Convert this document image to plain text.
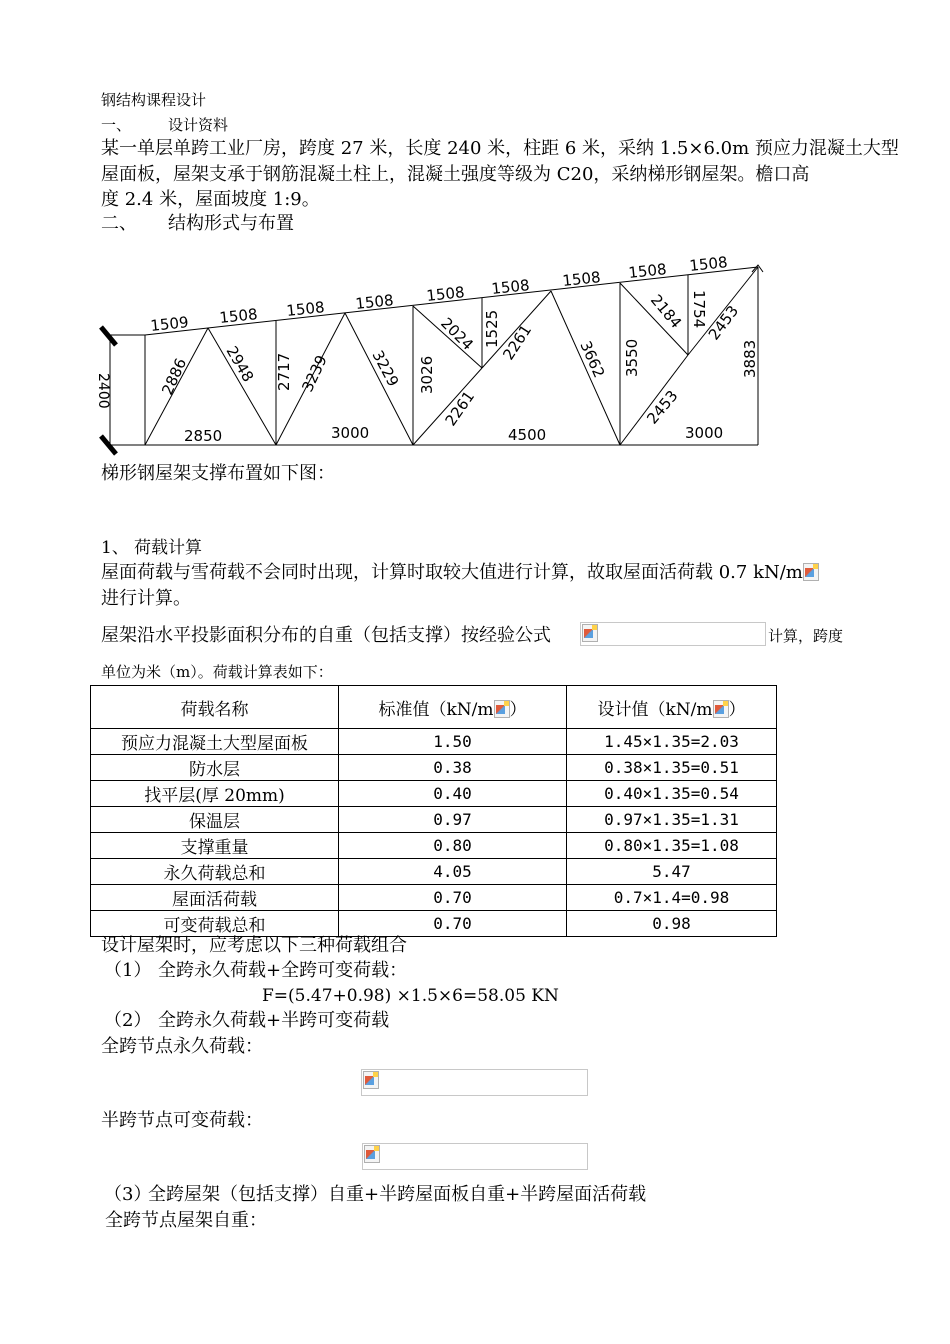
钢结构课程设计
一、 设计资料
某一单层单跨工业厂房，跨度 27 米，长度 240 米，柱距 6 米，采纳 1.5×6.0m 预应力混凝土大型
屋面板，屋架支承于钢筋混凝土柱上，混凝土强度等级为 C20，采纳梯形钢屋架。檐口高
度 2.4 米，屋面坡度 1:9。
二、 结构形式与布置
2400
1509 1508 1508 1508 1508 1508 1508 1508 1508
2850	3000	4500	3000
2886 2948 2717 3239	3229 3026
2024 1525
2261
2261
3662 3550
2184 1754
2453
2453
3883
梯形钢屋架支撑布置如下图：
1、 荷载计算
屋面荷载与雪荷载不会同时出现，计算时取较大值进行计算，故取屋面活荷载 0.7 kN/m
进行计算。
屋架沿水平投影面积分布的自重（包括支撑）按经验公式	计算，跨度
单位为米（m）。荷载计算表如下：
荷载名称	标准值（kN/m ）	设计值（kN/m ）
预应力混凝土大型屋面板	1.50	1.45×1.35=2.03
防水层	0.38	0.38×1.35=0.51
找平层(厚 20mm)	0.40	0.40×1.35=0.54
保温层	0.97	0.97×1.35=1.31
支撑重量	0.80	0.80×1.35=1.08
永久荷载总和	4.05	5.47
屋面活荷载	0.70	0.7×1.4=0.98
可变荷载总和	0.70	0.98
设计屋架时，应考虑以下三种荷载组合
（1） 全跨永久荷载+全跨可变荷载：
F=(5.47+0.98) ×1.5×6=58.05 KN
（2） 全跨永久荷载+半跨可变荷载
全跨节点永久荷载：
半跨节点可变荷载：
（3）
全跨屋架（包括支撑）自重+半跨屋面板自重+半跨屋面活荷载
全跨节点屋架自重：
